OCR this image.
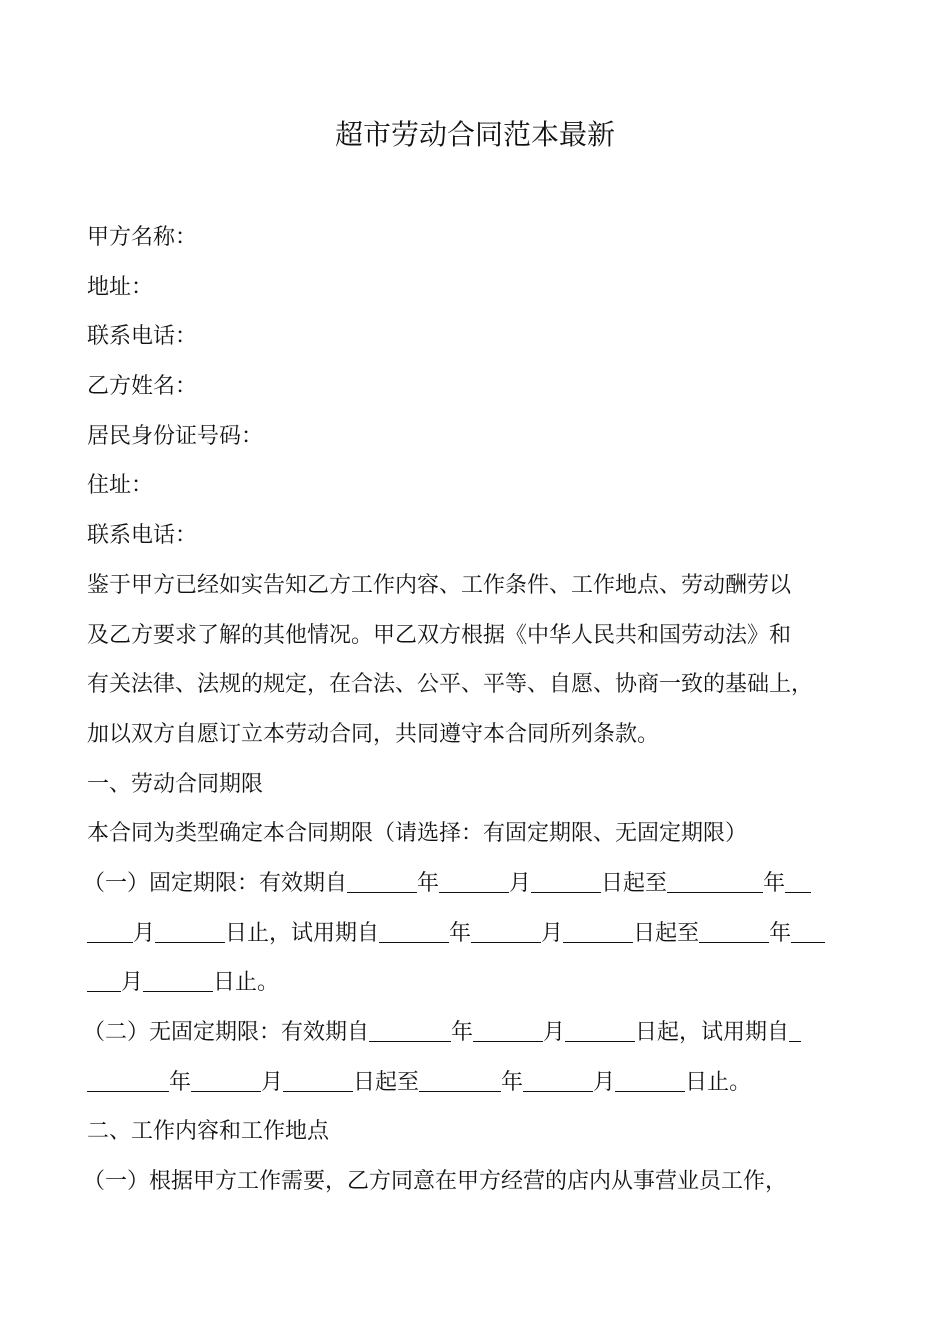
超市劳动合同范本最新
甲方名称：
地址：
联系电话：
乙方姓名：
居民身份证号码：
住址：
联系电话：
鉴于甲方已经如实告知乙方工作内容、工作条件、工作地点、劳动酬劳以
及乙方要求了解的其他情况。甲乙双方根据《中华人民共和国劳动法》和
有关法律、法规的规定，在合法、公平、平等、自愿、协商一致的基础上，
加以双方自愿订立本劳动合同，共同遵守本合同所列条款。
一、劳动合同期限
本合同为类型确定本合同期限（请选择：有固定期限、无固定期限）
（一）固定期限：有效期自	年	月	日起至	年
月	日止，试用期自	年	月	日起至	年
月	日止。
（二）无固定期限：有效期自	年	月	日起，试用期自
年	月	日起至	年	月	日止。
二、工作内容和工作地点
（一）根据甲方工作需要，乙方同意在甲方经营的店内从事营业员工作，
